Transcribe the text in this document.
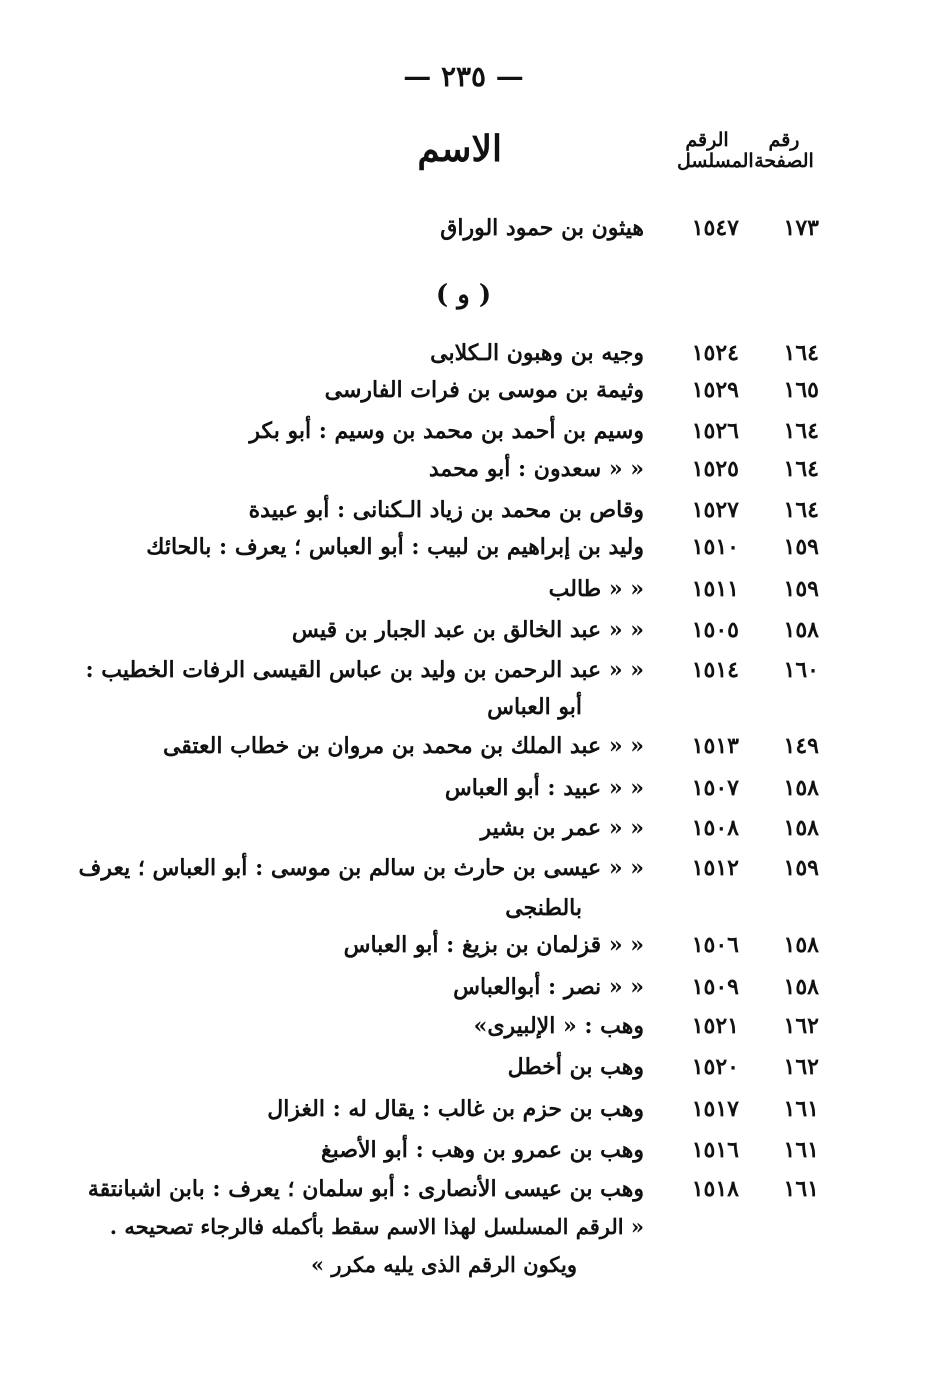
— ٢٣٥ —
رقم الصفحة
الرقم المسلسل
الاسم
١٧٣
١٥٤٧
هيثون بن حمود الوراق
( و )
١٦٤
١٥٢٤
وجيه بن وهبون الـكلابى
١٦٥
١٥٢٩
وثيمة بن موسى بن فرات الفارسى
١٦٤
١٥٢٦
وسيم بن أحمد بن محمد بن وسيم : أبو بكر
١٦٤
١٥٢٥
« « سعدون : أبو محمد
١٦٤
١٥٢٧
وقاص بن محمد بن زياد الـكنانى : أبو عبيدة
١٥٩
١٥١٠
وليد بن إبراهيم بن لبيب : أبو العباس ؛ يعرف : بالحائك
١٥٩
١٥١١
« « طالب
١٥٨
١٥٠٥
« « عبد الخالق بن عبد الجبار بن قيس
١٦٠
١٥١٤
« « عبد الرحمن بن وليد بن عباس القيسى الرفات الخطيب :
أبو العباس
١٤٩
١٥١٣
« « عبد الملك بن محمد بن مروان بن خطاب العتقى
١٥٨
١٥٠٧
« « عبيد : أبو العباس
١٥٨
١٥٠٨
« « عمر بن بشير
١٥٩
١٥١٢
« « عيسى بن حارث بن سالم بن موسى : أبو العباس ؛ يعرف
بالطنجى
١٥٨
١٥٠٦
« « قزلمان بن بزيغ : أبو العباس
١٥٨
١٥٠٩
« « نصر : أبوالعباس
١٦٢
١٥٢١
وهب : « الإلبيرى»
١٦٢
١٥٢٠
وهب بن أخطل
١٦١
١٥١٧
وهب بن حزم بن غالب : يقال له : الغزال
١٦١
١٥١٦
وهب بن عمرو بن وهب : أبو الأصبغ
١٦١
١٥١٨
وهب بن عيسى الأنصارى : أبو سلمان ؛ يعرف : بابن اشبانتقة
« الرقم المسلسل لهذا الاسم سقط بأكمله فالرجاء تصحيحه .
ويكون الرقم الذى يليه مكرر »
